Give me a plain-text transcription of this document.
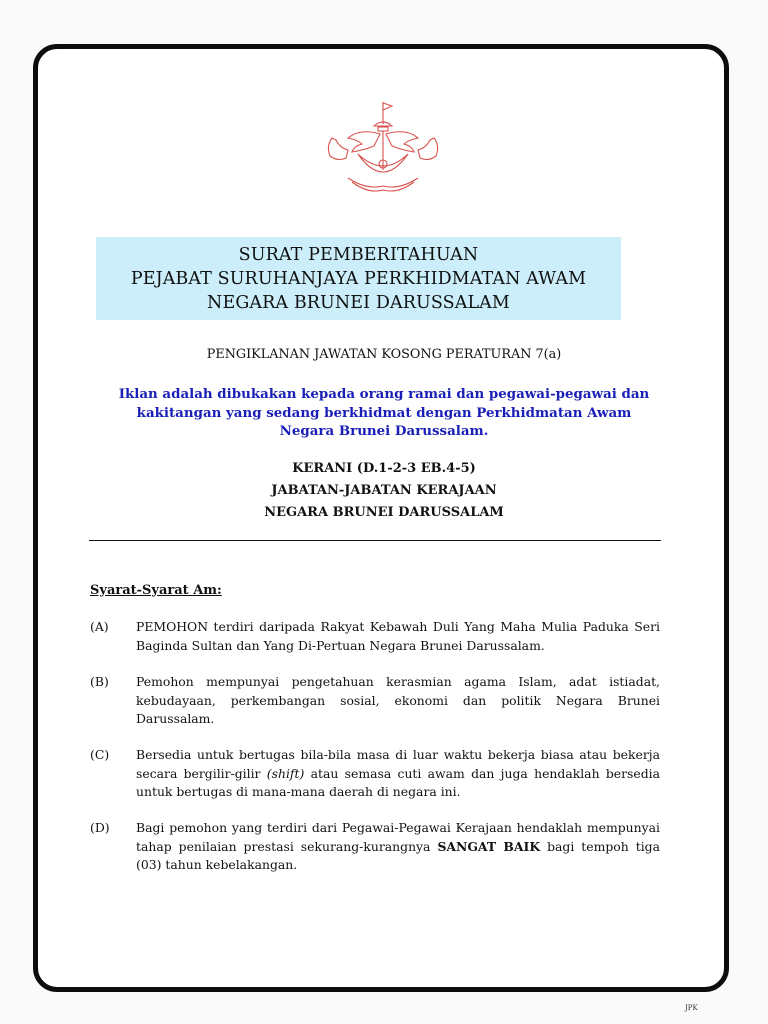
SURAT PEMBERITAHUAN
PEJABAT SURUHANJAYA PERKHIDMATAN AWAM
NEGARA BRUNEI DARUSSALAM
PENGIKLANAN JAWATAN KOSONG PERATURAN 7(a)
Iklan adalah dibukakan kepada orang ramai dan pegawai-pegawai dan
kakitangan yang sedang berkhidmat dengan Perkhidmatan Awam
Negara Brunei Darussalam.
KERANI (D.1-2-3 EB.4-5)
JABATAN-JABATAN KERAJAAN
NEGARA BRUNEI DARUSSALAM
Syarat-Syarat Am:
(A) PEMOHON terdiri daripada Rakyat Kebawah Duli Yang Maha Mulia Paduka Seri Baginda Sultan dan Yang Di-Pertuan Negara Brunei Darussalam.
(B) Pemohon mempunyai pengetahuan kerasmian agama Islam, adat istiadat, kebudayaan, perkembangan sosial, ekonomi dan politik Negara Brunei Darussalam.
(C) Bersedia untuk bertugas bila-bila masa di luar waktu bekerja biasa atau bekerja secara bergilir-gilir (shift) atau semasa cuti awam dan juga hendaklah bersedia untuk bertugas di mana-mana daerah di negara ini.
(D) Bagi pemohon yang terdiri dari Pegawai-Pegawai Kerajaan hendaklah mempunyai tahap penilaian prestasi sekurang-kurangnya SANGAT BAIK bagi tempoh tiga (03) tahun kebelakangan.
JPK
